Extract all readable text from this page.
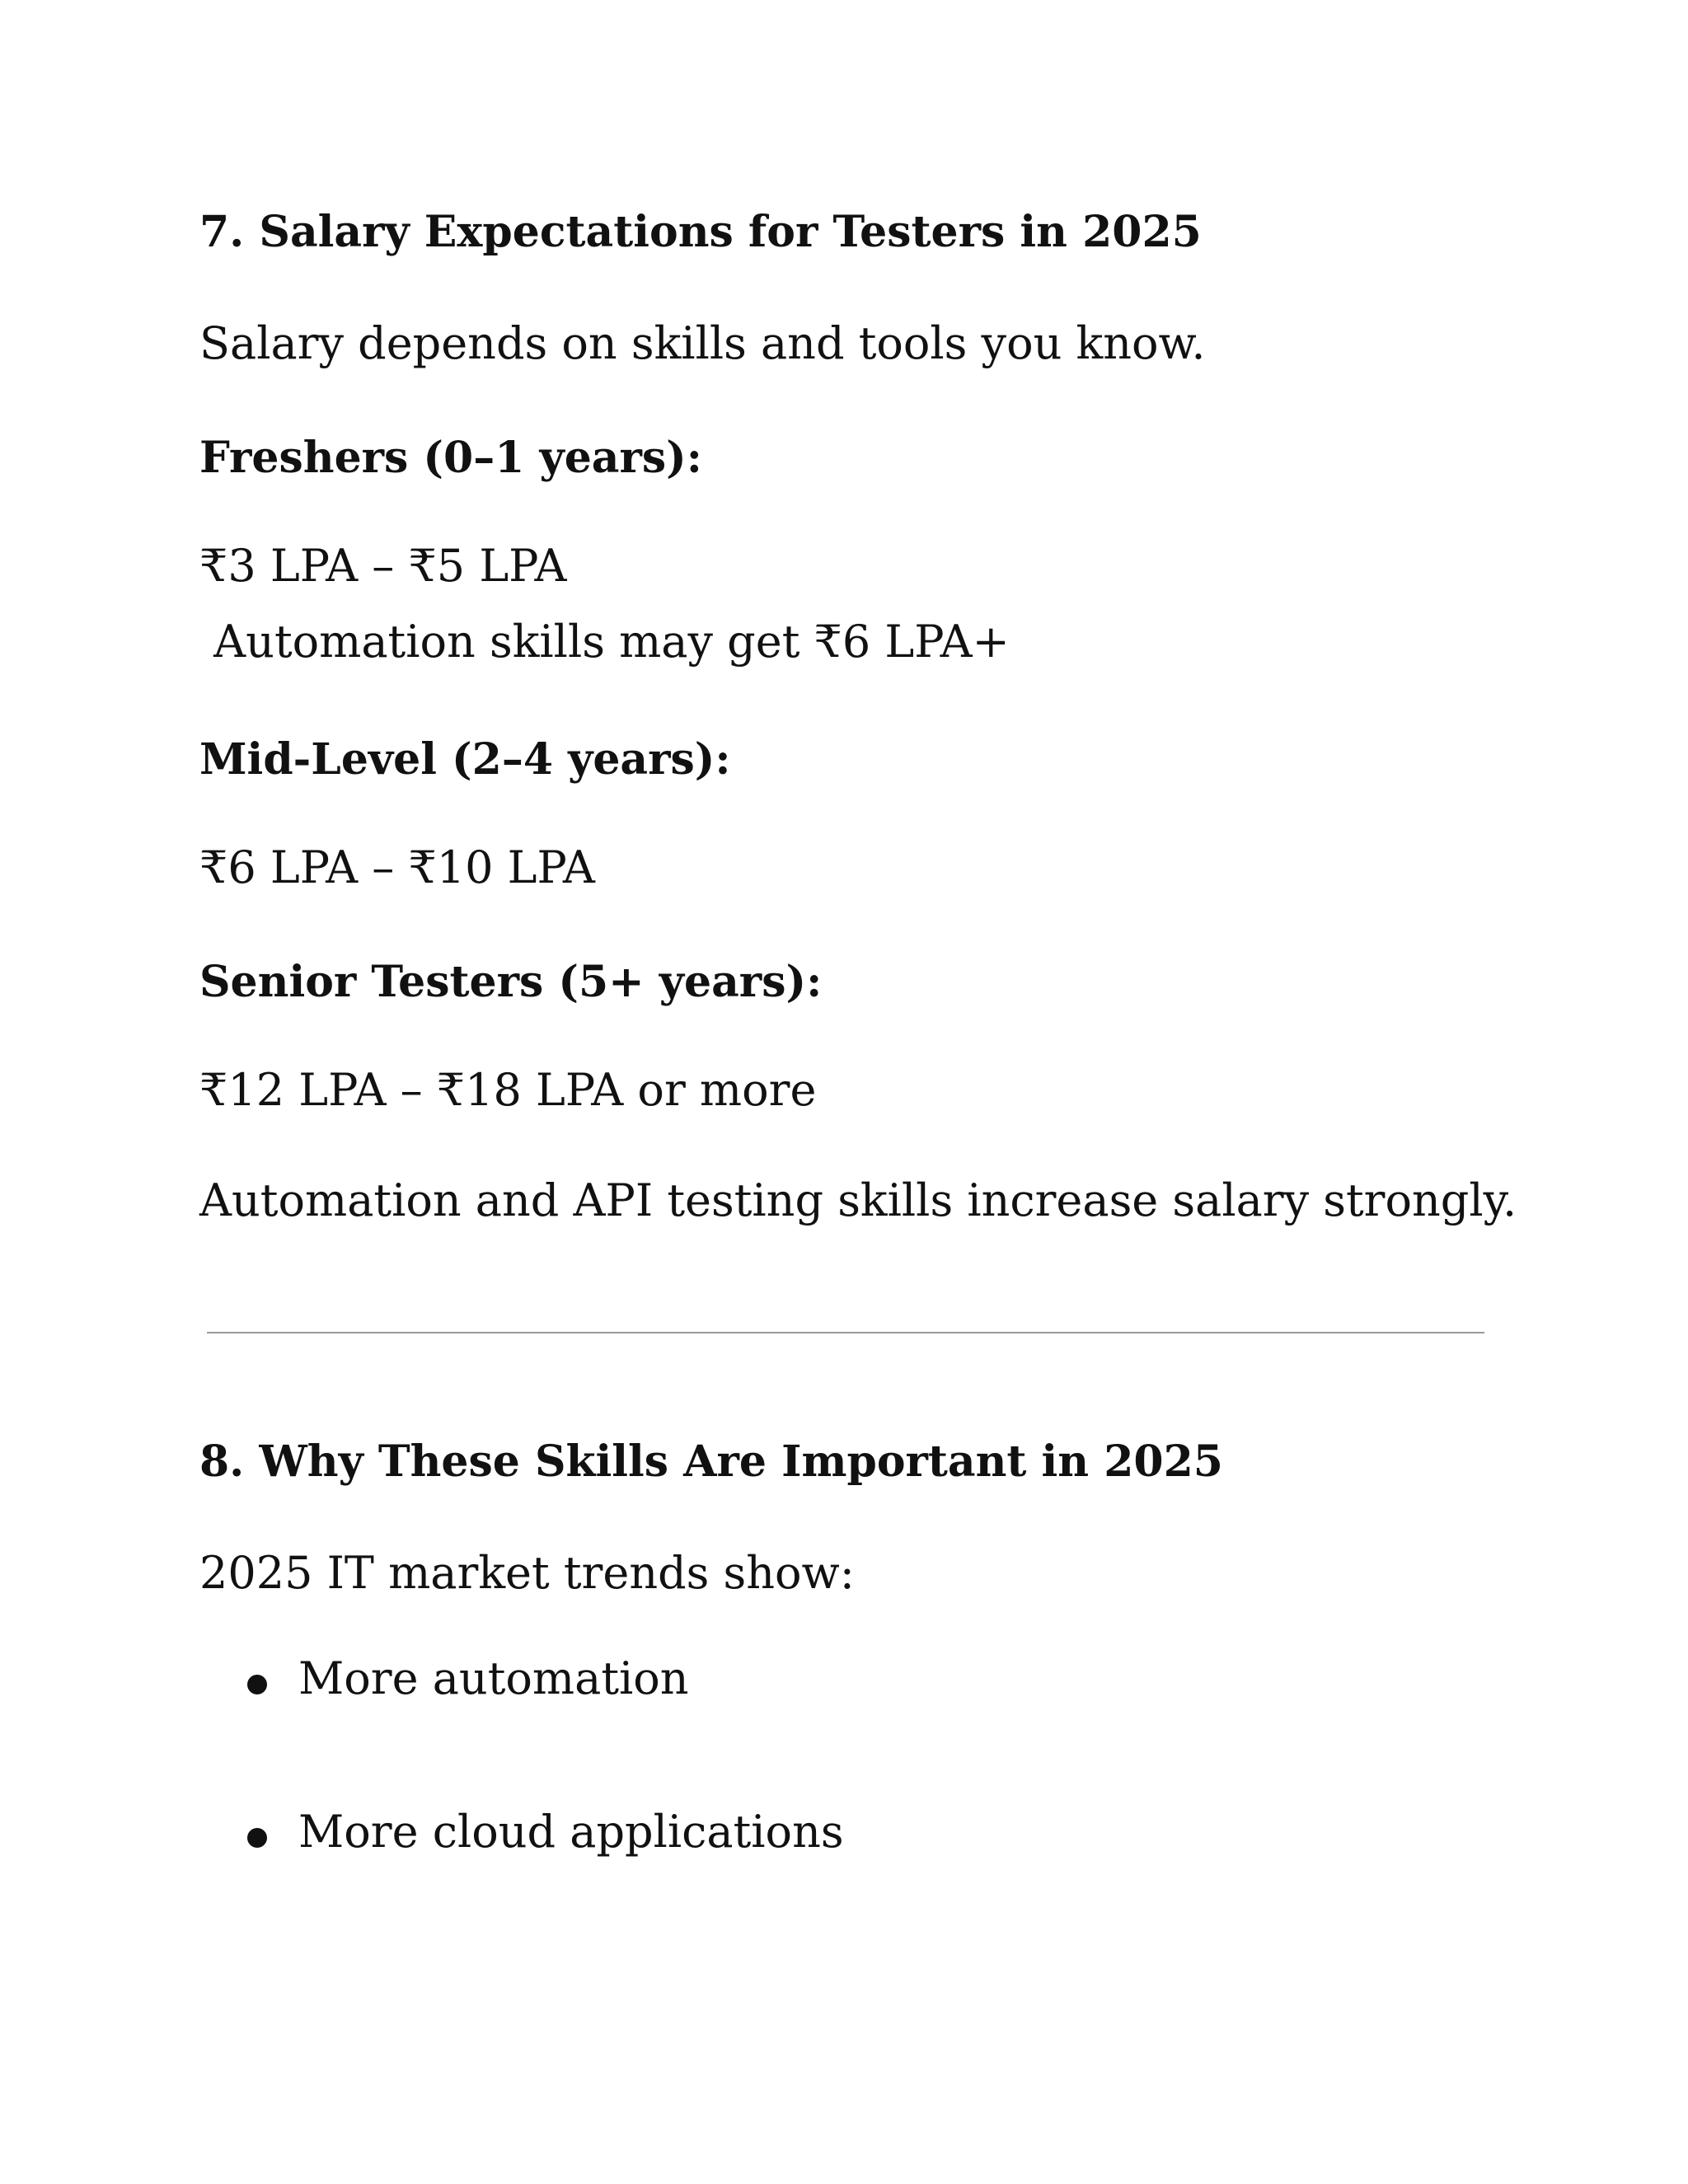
7. Salary Expectations for Testers in 2025

Salary depends on skills and tools you know.

Freshers (0–1 years):

₹3 LPA – ₹5 LPA

Automation skills may get ₹6 LPA+

Mid-Level (2–4 years):

₹6 LPA – ₹10 LPA

Senior Testers (5+ years):

₹12 LPA – ₹18 LPA or more

Automation and API testing skills increase salary strongly.

8. Why These Skills Are Important in 2025

2025 IT market trends show:

More automation
More cloud applications
